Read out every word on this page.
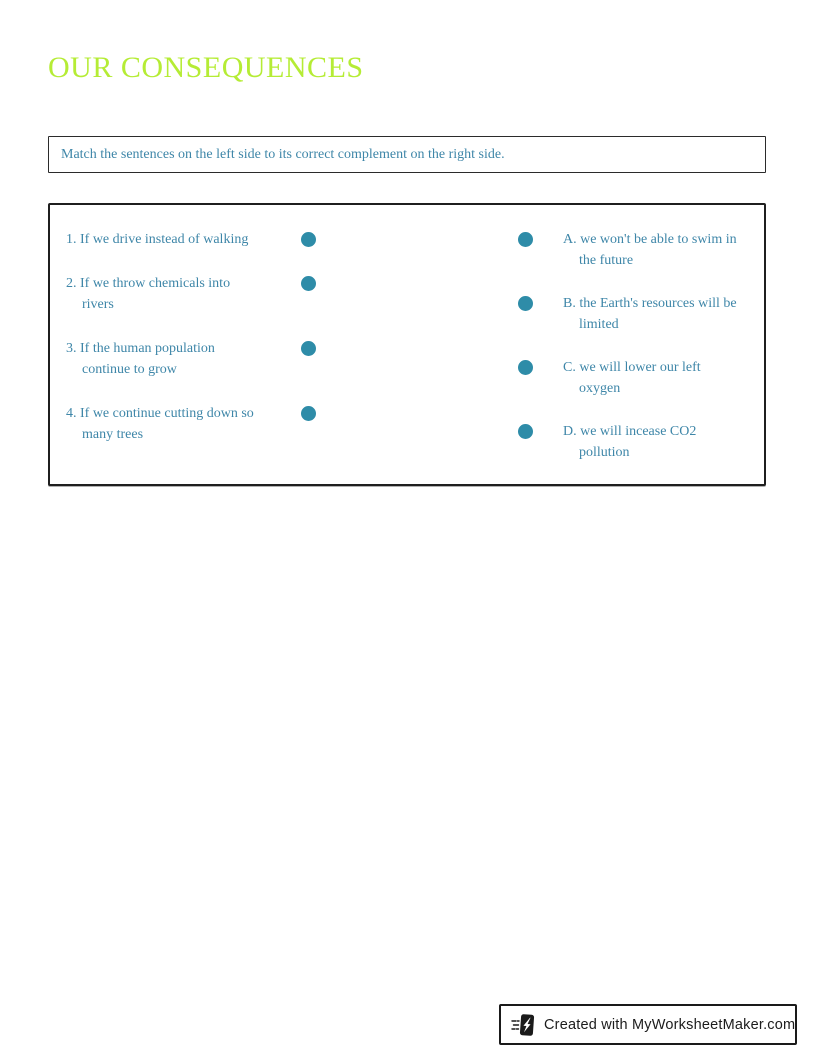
OUR CONSEQUENCES
Match the sentences on the left side to its correct complement on the right side.
1. If we drive instead of walking
2. If we throw chemicals into
rivers
3. If the human population
continue to grow
4. If we continue cutting down so
many trees
A. we won't be able to swim in
the future
B. the Earth's resources will be
limited
C. we will lower our left
oxygen
D. we will incease CO2
pollution
Created with MyWorksheetMaker.com
